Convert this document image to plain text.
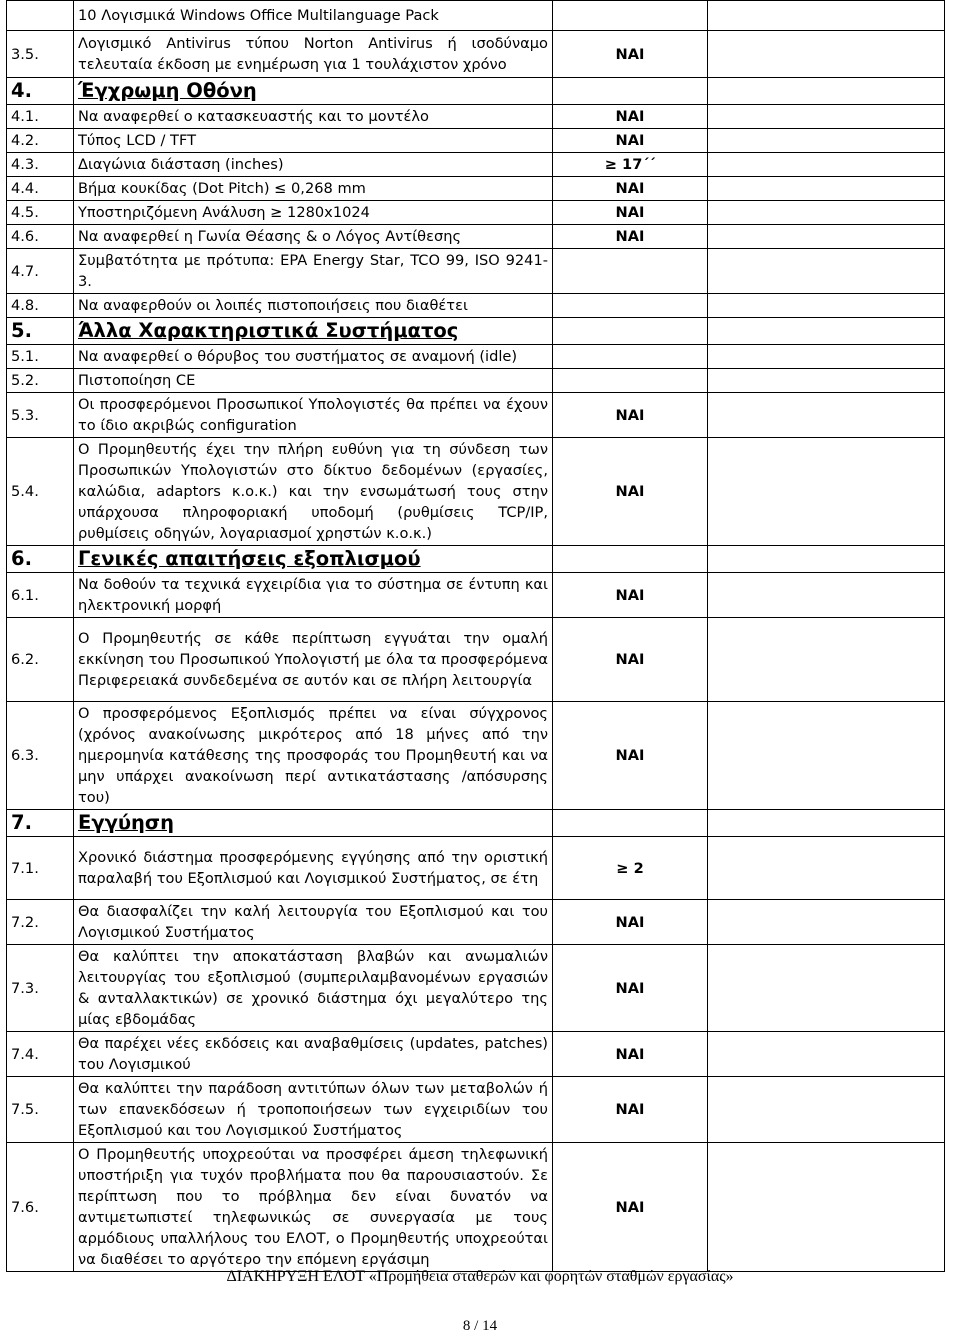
	10 Λογισμικά Windows Office Multilanguage Pack		
3.5.	Λογισμικό Antivirus τύπου Norton Antivirus ή ισοδύναμο τελευταία έκδοση με ενημέρωση για 1 τουλάχιστον χρόνο	ΝΑΙ	
4.	Έγχρωμη Οθόνη		
4.1.	Να αναφερθεί ο κατασκευαστής και το μοντέλο	ΝΑΙ	
4.2.	Τύπος LCD / TFT	ΝΑΙ	
4.3.	Διαγώνια διάσταση (inches)	≥ 17΄΄	
4.4.	Βήμα κουκίδας (Dot Pitch) ≤ 0,268 mm	ΝΑΙ	
4.5.	Υποστηριζόμενη Ανάλυση ≥ 1280x1024	ΝΑΙ	
4.6.	Να αναφερθεί η Γωνία Θέασης & ο Λόγος Αντίθεσης	ΝΑΙ	
4.7.	Συμβατότητα με πρότυπα: EPA Energy Star, TCO 99, ISO 9241-3.		
4.8.	Να αναφερθούν οι λοιπές πιστοποιήσεις που διαθέτει		
5.	Άλλα Χαρακτηριστικά Συστήματος		
5.1.	Να αναφερθεί ο θόρυβος του συστήματος σε αναμονή (idle)		
5.2.	Πιστοποίηση CE		
5.3.	Οι προσφερόμενοι Προσωπικοί Υπολογιστές θα πρέπει να έχουν το ίδιο ακριβώς configuration	ΝΑΙ	
5.4.	Ο Προμηθευτής έχει την πλήρη ευθύνη για τη σύνδεση των Προσωπικών Υπολογιστών στο δίκτυο δεδομένων (εργασίες, καλώδια, adaptors κ.ο.κ.) και την ενσωμάτωσή τους στην υπάρχουσα πληροφοριακή υποδομή (ρυθμίσεις TCP/IP, ρυθμίσεις οδηγών, λογαριασμοί χρηστών κ.ο.κ.)	ΝΑΙ	
6.	Γενικές απαιτήσεις εξοπλισμού		
6.1.	Να δοθούν τα τεχνικά εγχειρίδια για το σύστημα σε έντυπη και ηλεκτρονική μορφή	ΝΑΙ	
6.2.	Ο Προμηθευτής σε κάθε περίπτωση εγγυάται την ομαλή εκκίνηση του Προσωπικού Υπολογιστή με όλα τα προσφερόμενα Περιφερειακά συνδεδεμένα σε αυτόν και σε πλήρη λειτουργία	ΝΑΙ	
6.3.	Ο προσφερόμενος Εξοπλισμός πρέπει να είναι σύγχρονος (χρόνος ανακοίνωσης μικρότερος από 18 μήνες από την ημερομηνία κατάθεσης της προσφοράς του Προμηθευτή και να μην υπάρχει ανακοίνωση περί αντικατάστασης /απόσυρσης του)	ΝΑΙ	
7.	Εγγύηση		
7.1.	Χρονικό διάστημα προσφερόμενης εγγύησης από την οριστική παραλαβή του Εξοπλισμού και Λογισμικού Συστήματος, σε έτη	≥ 2	
7.2.	Θα διασφαλίζει την καλή λειτουργία του Εξοπλισμού και του Λογισμικού Συστήματος	ΝΑΙ	
7.3.	Θα καλύπτει την αποκατάσταση βλαβών και ανωμαλιών λειτουργίας του εξοπλισμού (συμπεριλαμβανομένων εργασιών & ανταλλακτικών) σε χρονικό διάστημα όχι μεγαλύτερο της μίας εβδομάδας	ΝΑΙ	
7.4.	Θα παρέχει νέες εκδόσεις και αναβαθμίσεις (updates, patches) του Λογισμικού	ΝΑΙ	
7.5.	Θα καλύπτει την παράδοση αντιτύπων όλων των μεταβολών ή των επανεκδόσεων ή τροποποιήσεων των εγχειριδίων του Εξοπλισμού και του Λογισμικού Συστήματος	ΝΑΙ	
7.6.	Ο Προμηθευτής υποχρεούται να προσφέρει άμεση τηλεφωνική υποστήριξη για τυχόν προβλήματα που θα παρουσιαστούν. Σε περίπτωση που το πρόβλημα δεν είναι δυνατόν να αντιμετωπιστεί τηλεφωνικώς σε συνεργασία με τους αρμόδιους υπαλλήλους του ΕΛΟΤ, ο Προμηθευτής υποχρεούται να διαθέσει το αργότερο την επόμενη εργάσιμη	ΝΑΙ	
ΔΙΑΚΗΡΥΞΗ ΕΛΟΤ «Προμήθεια σταθερών και φορητών σταθμών εργασίας»
8 / 14
